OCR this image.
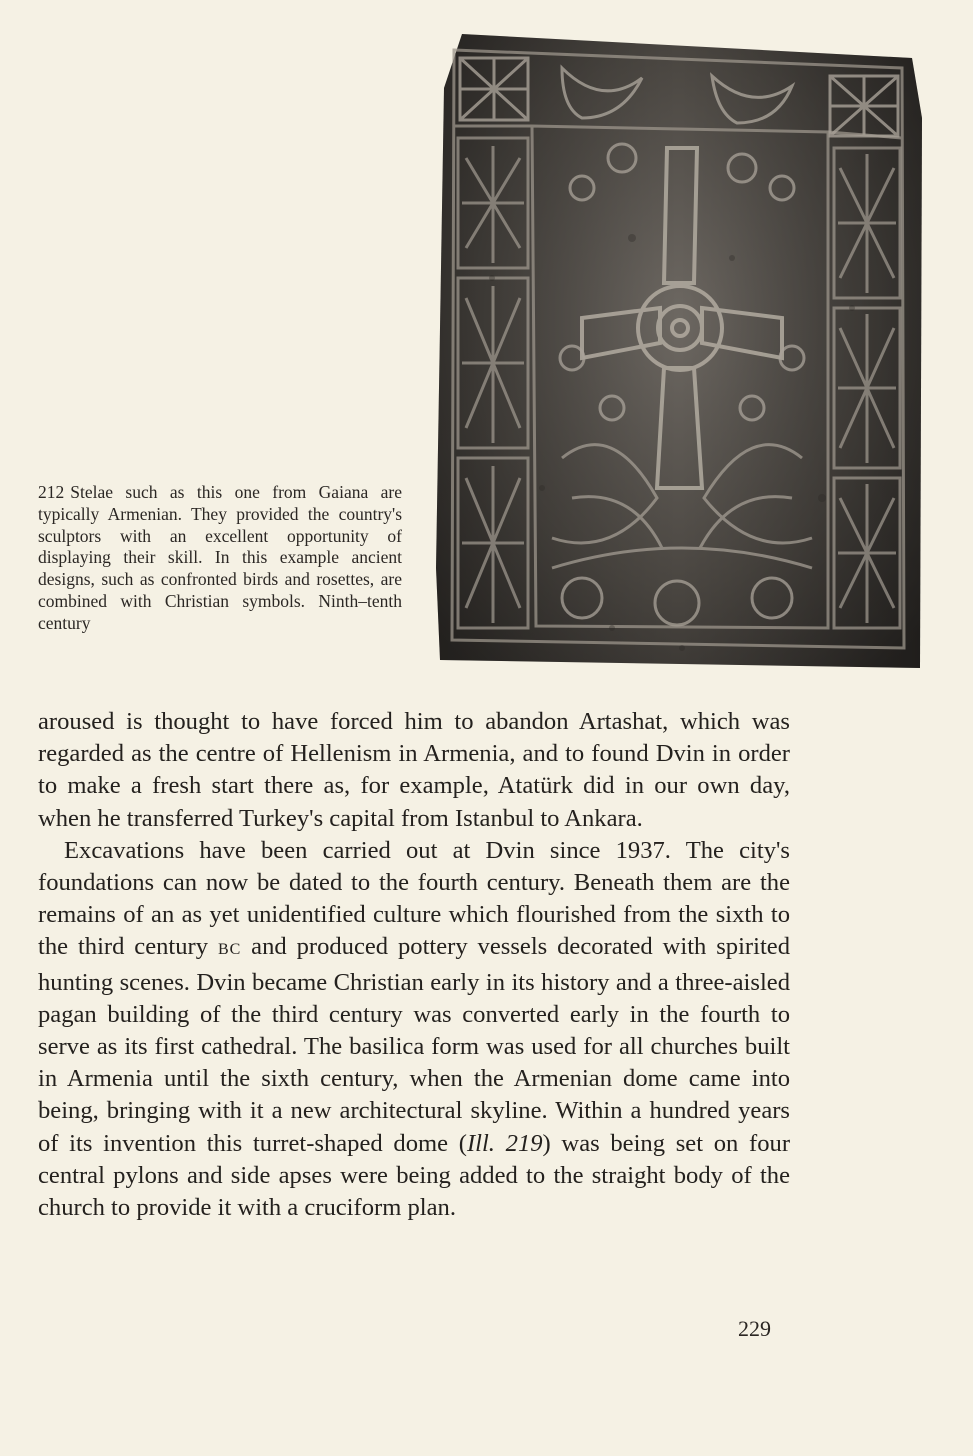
212 Stelae such as this one from Gaiana are typically Armenian. They provided the country's sculptors with an excellent opportunity of displaying their skill. In this example ancient designs, such as confronted birds and rosettes, are combined with Christian symbols. Ninth–tenth century

aroused is thought to have forced him to abandon Artashat, which was regarded as the centre of Hellenism in Armenia, and to found Dvin in order to make a fresh start there as, for example, Atatürk did in our own day, when he transferred Turkey's capital from Istanbul to Ankara.

Excavations have been carried out at Dvin since 1937. The city's foundations can now be dated to the fourth century. Beneath them are the remains of an as yet unidentified culture which flourished from the sixth to the third century BC and produced pottery vessels decorated with spirited hunting scenes. Dvin became Christian early in its history and a three-aisled pagan building of the third century was converted early in the fourth to serve as its first cathedral. The basilica form was used for all churches built in Armenia until the sixth century, when the Armenian dome came into being, bringing with it a new architectural skyline. Within a hundred years of its invention this turret-shaped dome (Ill. 219) was being set on four central pylons and side apses were being added to the straight body of the church to provide it with a cruciform plan.

229
